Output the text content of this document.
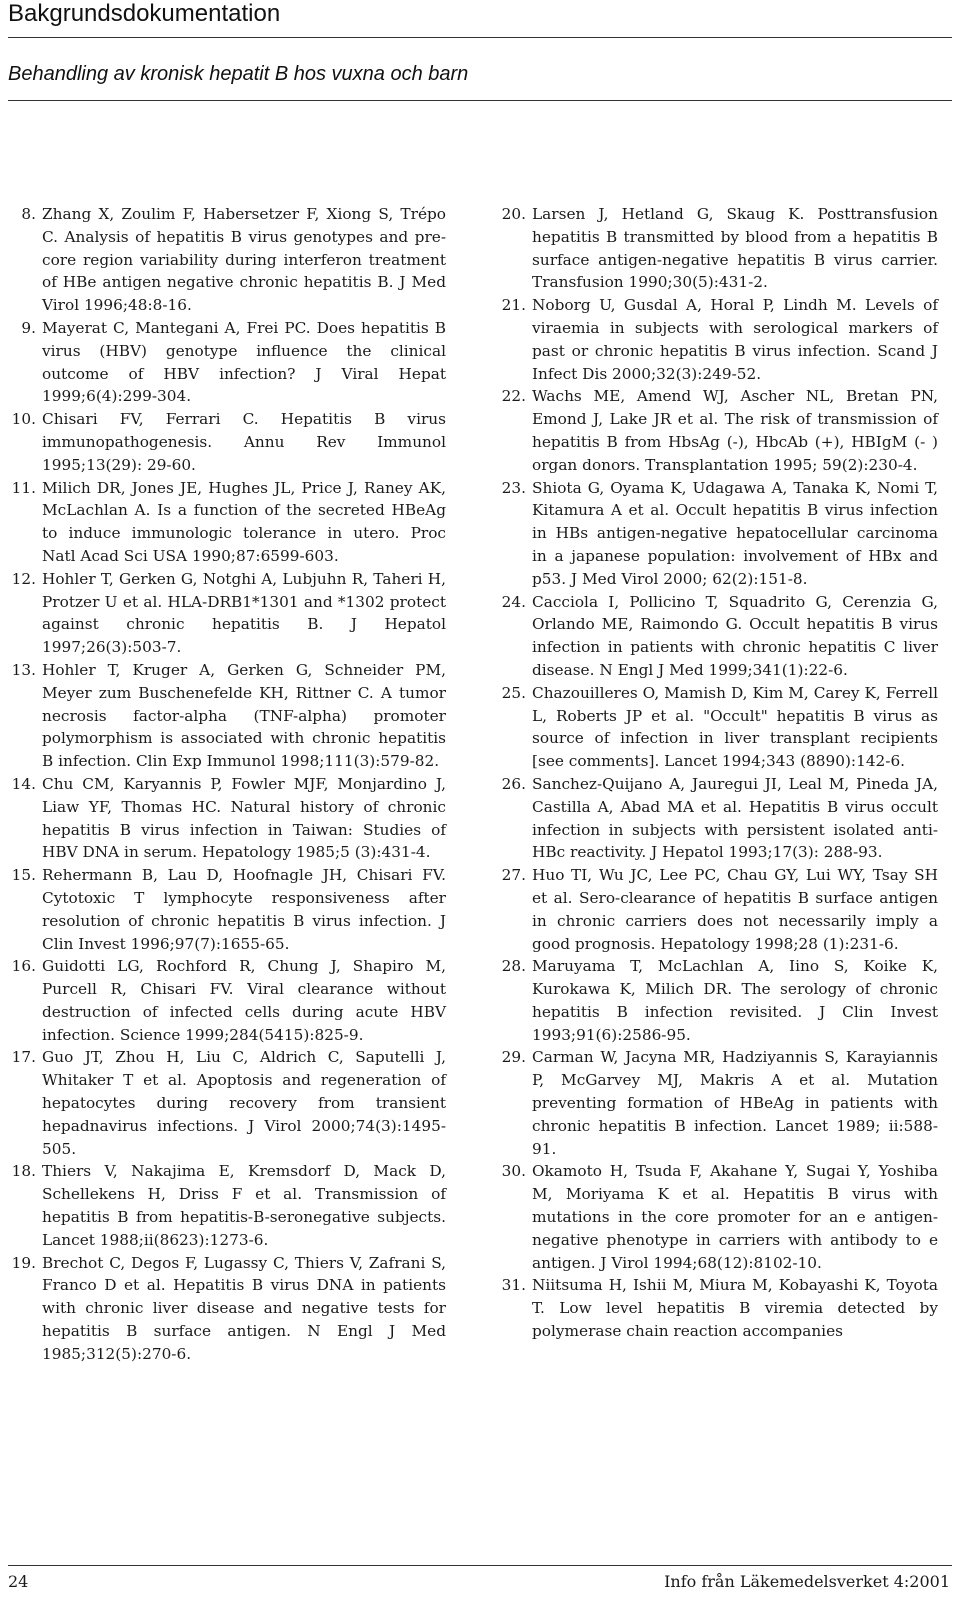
Bakgrundsdokumentation
Behandling av kronisk hepatit B hos vuxna och barn
8. Zhang X, Zoulim F, Habersetzer F, Xiong S, Trépo C. Analysis of hepatitis B virus genotypes and pre-core region variability during interferon treatment of HBe antigen negative chronic hepatitis B. J Med Virol 1996;48:8-16.
9. Mayerat C, Mantegani A, Frei PC. Does hepatitis B virus (HBV) genotype influence the clinical outcome of HBV infection? J Viral Hepat 1999;6(4):299-304.
10. Chisari FV, Ferrari C. Hepatitis B virus immunopathogenesis. Annu Rev Immunol 1995;13(29): 29-60.
11. Milich DR, Jones JE, Hughes JL, Price J, Raney AK, McLachlan A. Is a function of the secreted HBeAg to induce immunologic tolerance in utero. Proc Natl Acad Sci USA 1990;87:6599-603.
12. Hohler T, Gerken G, Notghi A, Lubjuhn R, Taheri H, Protzer U et al. HLA-DRB1*1301 and *1302 protect against chronic hepatitis B. J Hepatol 1997;26(3):503-7.
13. Hohler T, Kruger A, Gerken G, Schneider PM, Meyer zum Buschenefelde KH, Rittner C. A tumor necrosis factor-alpha (TNF-alpha) promoter polymorphism is associated with chronic hepatitis B infection. Clin Exp Immunol 1998;111(3):579-82.
14. Chu CM, Karyannis P, Fowler MJF, Monjardino J, Liaw YF, Thomas HC. Natural history of chronic hepatitis B virus infection in Taiwan: Studies of HBV DNA in serum. Hepatology 1985;5 (3):431-4.
15. Rehermann B, Lau D, Hoofnagle JH, Chisari FV. Cytotoxic T lymphocyte responsiveness after resolution of chronic hepatitis B virus infection. J Clin Invest 1996;97(7):1655-65.
16. Guidotti LG, Rochford R, Chung J, Shapiro M, Purcell R, Chisari FV. Viral clearance without destruction of infected cells during acute HBV infection. Science 1999;284(5415):825-9.
17. Guo JT, Zhou H, Liu C, Aldrich C, Saputelli J, Whitaker T et al. Apoptosis and regeneration of hepatocytes during recovery from transient hepadnavirus infections. J Virol 2000;74(3):1495-505.
18. Thiers V, Nakajima E, Kremsdorf D, Mack D, Schellekens H, Driss F et al. Transmission of hepatitis B from hepatitis-B-seronegative subjects. Lancet 1988;ii(8623):1273-6.
19. Brechot C, Degos F, Lugassy C, Thiers V, Zafrani S, Franco D et al. Hepatitis B virus DNA in patients with chronic liver disease and negative tests for hepatitis B surface antigen. N Engl J Med 1985;312(5):270-6.
20. Larsen J, Hetland G, Skaug K. Posttransfusion hepatitis B transmitted by blood from a hepatitis B surface antigen-negative hepatitis B virus carrier. Transfusion 1990;30(5):431-2.
21. Noborg U, Gusdal A, Horal P, Lindh M. Levels of viraemia in subjects with serological markers of past or chronic hepatitis B virus infection. Scand J Infect Dis 2000;32(3):249-52.
22. Wachs ME, Amend WJ, Ascher NL, Bretan PN, Emond J, Lake JR et al. The risk of transmission of hepatitis B from HbsAg (-), HbcAb (+), HBIgM (- ) organ donors. Transplantation 1995; 59(2):230-4.
23. Shiota G, Oyama K, Udagawa A, Tanaka K, Nomi T, Kitamura A et al. Occult hepatitis B virus infection in HBs antigen-negative hepatocellular carcinoma in a japanese population: involvement of HBx and p53. J Med Virol 2000; 62(2):151-8.
24. Cacciola I, Pollicino T, Squadrito G, Cerenzia G, Orlando ME, Raimondo G. Occult hepatitis B virus infection in patients with chronic hepatitis C liver disease. N Engl J Med 1999;341(1):22-6.
25. Chazouilleres O, Mamish D, Kim M, Carey K, Ferrell L, Roberts JP et al. "Occult" hepatitis B virus as source of infection in liver transplant recipients [see comments]. Lancet 1994;343 (8890):142-6.
26. Sanchez-Quijano A, Jauregui JI, Leal M, Pineda JA, Castilla A, Abad MA et al. Hepatitis B virus occult infection in subjects with persistent isolated anti-HBc reactivity. J Hepatol 1993;17(3): 288-93.
27. Huo TI, Wu JC, Lee PC, Chau GY, Lui WY, Tsay SH et al. Sero-clearance of hepatitis B surface antigen in chronic carriers does not necessarily imply a good prognosis. Hepatology 1998;28 (1):231-6.
28. Maruyama T, McLachlan A, Iino S, Koike K, Kurokawa K, Milich DR. The serology of chronic hepatitis B infection revisited. J Clin Invest 1993;91(6):2586-95.
29. Carman W, Jacyna MR, Hadziyannis S, Karayiannis P, McGarvey MJ, Makris A et al. Mutation preventing formation of HBeAg in patients with chronic hepatitis B infection. Lancet 1989; ii:588-91.
30. Okamoto H, Tsuda F, Akahane Y, Sugai Y, Yoshiba M, Moriyama K et al. Hepatitis B virus with mutations in the core promoter for an e antigen-negative phenotype in carriers with antibody to e antigen. J Virol 1994;68(12):8102-10.
31. Niitsuma H, Ishii M, Miura M, Kobayashi K, Toyota T. Low level hepatitis B viremia detected by polymerase chain reaction accompanies
24	Info från Läkemedelsverket 4:2001
